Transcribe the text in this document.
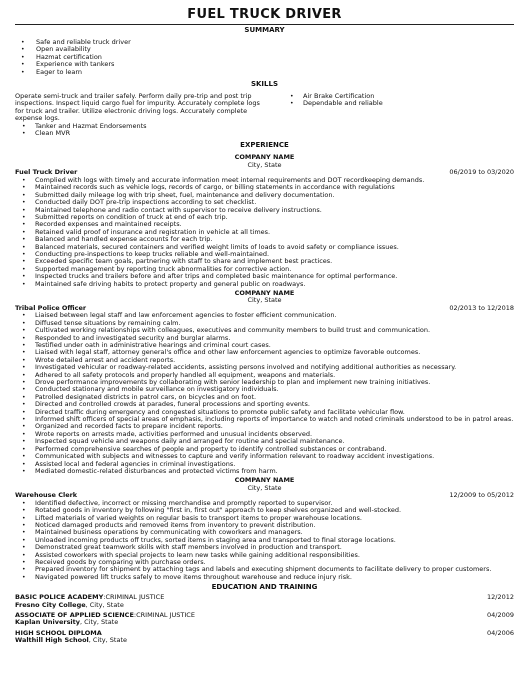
FUEL TRUCK DRIVER
SUMMARY
• Safe and reliable truck driver
• Open availability
• Hazmat certification
• Experience with tankers
• Eager to learn
SKILLS

Operate semi-truck and trailer safely. Perform daily pre-trip and post trip inspections. Inspect liquid cargo fuel for impurity. Accurately complete logs for truck and trailer. Utilize electronic driving logs. Accurately complete expense logs.

• Tanker and Hazmat Endorsements
• Clean MVR
• Air Brake Certification
• Dependable and reliable
EXPERIENCE
COMPANY NAME
City, State
Fuel Truck Driver	06/2019 to 03/2020
• Complied with logs with timely and accurate information meet internal requirements and DOT recordkeeping demands.
• Maintained records such as vehicle logs, records of cargo, or billing statements in accordance with regulations
• Submitted daily mileage log with trip sheet, fuel, maintenance and delivery documentation.
• Conducted daily DOT pre-trip inspections according to set checklist.
• Maintained telephone and radio contact with supervisor to receive delivery instructions.
• Submitted reports on condition of truck at end of each trip.
• Recorded expenses and maintained receipts.
• Retained valid proof of insurance and registration in vehicle at all times.
• Balanced and handled expense accounts for each trip.
• Balanced materials, secured containers and verified weight limits of loads to avoid safety or compliance issues.
• Conducting pre-inspections to keep trucks reliable and well-maintained.
• Exceeded specific team goals, partnering with staff to share and implement best practices.
• Supported management by reporting truck abnormalities for corrective action.
• Inspected trucks and trailers before and after trips and completed basic maintenance for optimal performance.
• Maintained safe driving habits to protect property and general public on roadways.
COMPANY NAME
City, State
Tribal Police Officer	02/2013 to 12/2018
• Liaised between legal staff and law enforcement agencies to foster efficient communication.
• Diffused tense situations by remaining calm.
• Cultivated working relationships with colleagues, executives and community members to build trust and communication.
• Responded to and investigated security and burglar alarms.
• Testified under oath in administrative hearings and criminal court cases.
• Liaised with legal staff, attorney general's office and other law enforcement agencies to optimize favorable outcomes.
• Wrote detailed arrest and accident reports.
• Investigated vehicular or roadway-related accidents, assisting persons involved and notifying additional authorities as necessary.
• Adhered to all safety protocols and properly handled all equipment, weapons and materials.
• Drove performance improvements by collaborating with senior leadership to plan and implement new training initiatives.
• Conducted stationary and mobile surveillance on investigatory individuals.
• Patrolled designated districts in patrol cars, on bicycles and on foot.
• Directed and controlled crowds at parades, funeral processions and sporting events.
• Directed traffic during emergency and congested situations to promote public safety and facilitate vehicular flow.
• Informed shift officers of special areas of emphasis, including reports of importance to watch and noted criminals understood to be in patrol areas.
• Organized and recorded facts to prepare incident reports.
• Wrote reports on arrests made, activities performed and unusual incidents observed.
• Inspected squad vehicle and weapons daily and arranged for routine and special maintenance.
• Performed comprehensive searches of people and property to identify controlled substances or contraband.
• Communicated with subjects and witnesses to capture and verify information relevant to roadway accident investigations.
• Assisted local and federal agencies in criminal investigations.
• Mediated domestic-related disturbances and protected victims from harm.
COMPANY NAME
City, State
Warehouse Clerk	12/2009 to 05/2012
• Identified defective, incorrect or missing merchandise and promptly reported to supervisor.
• Rotated goods in inventory by following "first in, first out" approach to keep shelves organized and well-stocked.
• Lifted materials of varied weights on regular basis to transport items to proper warehouse locations.
• Noticed damaged products and removed items from inventory to prevent distribution.
• Maintained business operations by communicating with coworkers and managers.
• Unloaded incoming products off trucks, sorted items in staging area and transported to final storage locations.
• Demonstrated great teamwork skills with staff members involved in production and transport.
• Assisted coworkers with special projects to learn new tasks while gaining additional responsibilities.
• Received goods by comparing with purchase orders.
• Prepared inventory for shipment by attaching tags and labels and executing shipment documents to facilitate delivery to proper customers.
• Navigated powered lift trucks safely to move items throughout warehouse and reduce injury risk.
EDUCATION AND TRAINING
BASIC POLICE ACADEMY:CRIMINAL JUSTICE	12/2012
Fresno City College, City, State
ASSOCIATE OF APPLIED SCIENCE:CRIMINAL JUSTICE	04/2009
Kaplan University, City, State
HIGH SCHOOL DIPLOMA	04/2006
Walthill High School, City, State
